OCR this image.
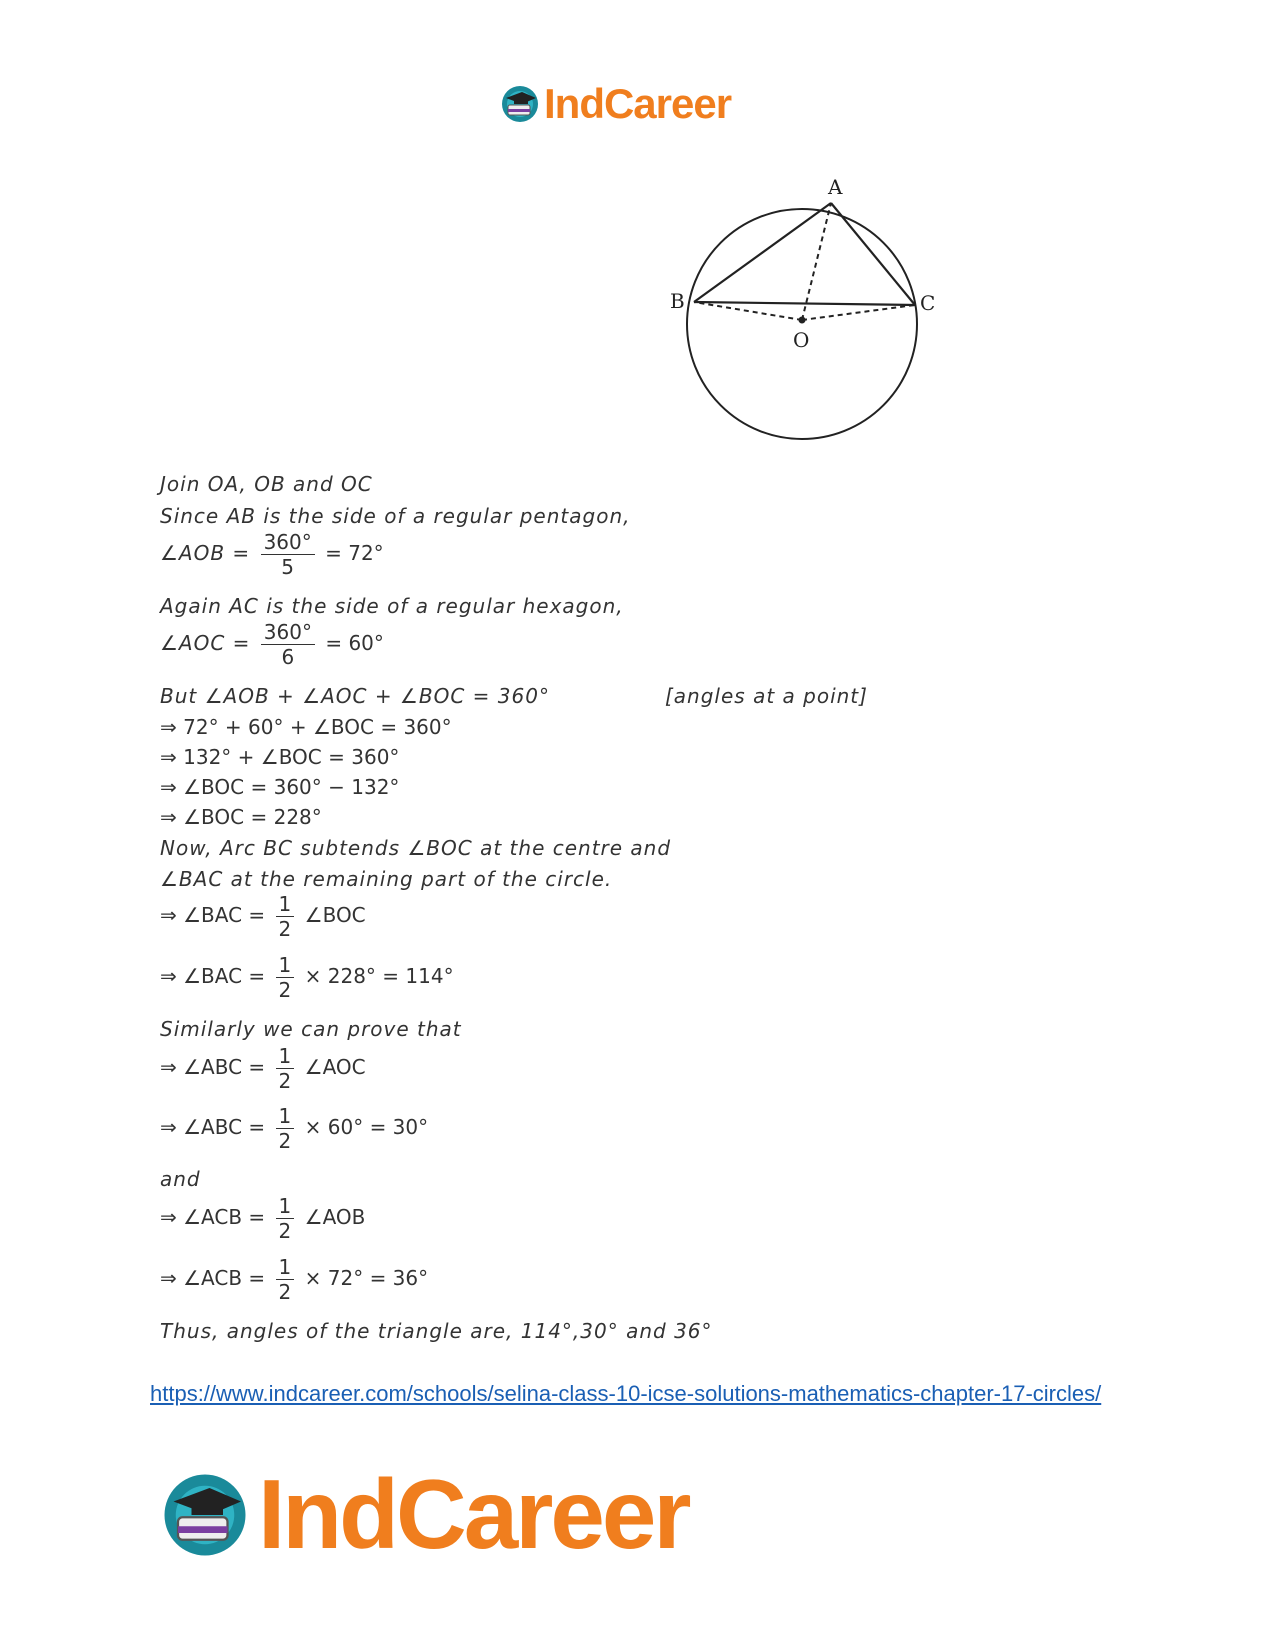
IndCareer
A
B	C
O
Join OA, OB and OC
Since AB is the side of a regular pentagon,
∠AOB = $\frac{360^\circ}{5} = 72^\circ$
Again AC is the side of a regular hexagon,
∠AOC = $\frac{360^\circ}{6} = 60^\circ$
But ∠AOB + ∠AOC + ∠BOC = 360°	[angles at a point]
⇒ 72° + 60° + ∠BOC = 360°
⇒ 132° + ∠BOC = 360°
⇒ ∠BOC = 360° − 132°
⇒ ∠BOC = 228°
Now, Arc BC subtends ∠BOC at the centre and
∠BAC at the remaining part of the circle.
⇒ ∠BAC = $\frac{1}{2}$ ∠BOC
⇒ ∠BAC = $\frac{1}{2} \times 228^\circ = 114^\circ$
Similarly we can prove that
⇒ ∠ABC = $\frac{1}{2}$ ∠AOC
⇒ ∠ABC = $\frac{1}{2} \times 60^\circ = 30^\circ$
and
⇒ ∠ACB = $\frac{1}{2}$ ∠AOB
⇒ ∠ACB = $\frac{1}{2} \times 72^\circ = 36^\circ$
Thus, angles of the triangle are, 114°,30° and 36°
https://www.indcareer.com/schools/selina-class-10-icse-solutions-mathematics-chapter-17-circles/
IndCareer
